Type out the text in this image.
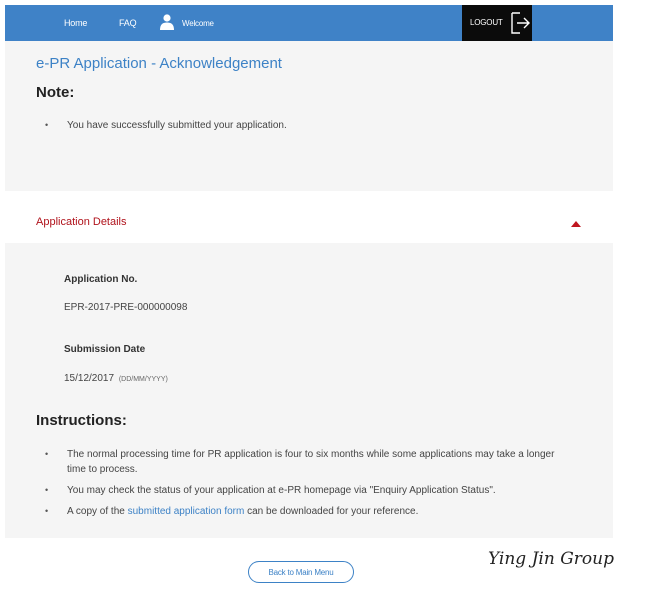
Home	FAQ	Welcome	LOGOUT
e-PR Application - Acknowledgement
Note:
• You have successfully submitted your application.
Application Details
Application No.
EPR-2017-PRE-000000098
Submission Date
15/12/2017 (DD/MM/YYYY)
Instructions:
• The normal processing time for PR application is four to six months while some applications may take a longer time to process.
• You may check the status of your application at e-PR homepage via "Enquiry Application Status".
• A copy of the submitted application form can be downloaded for your reference.
Back to Main Menu
Ying Jin Group
